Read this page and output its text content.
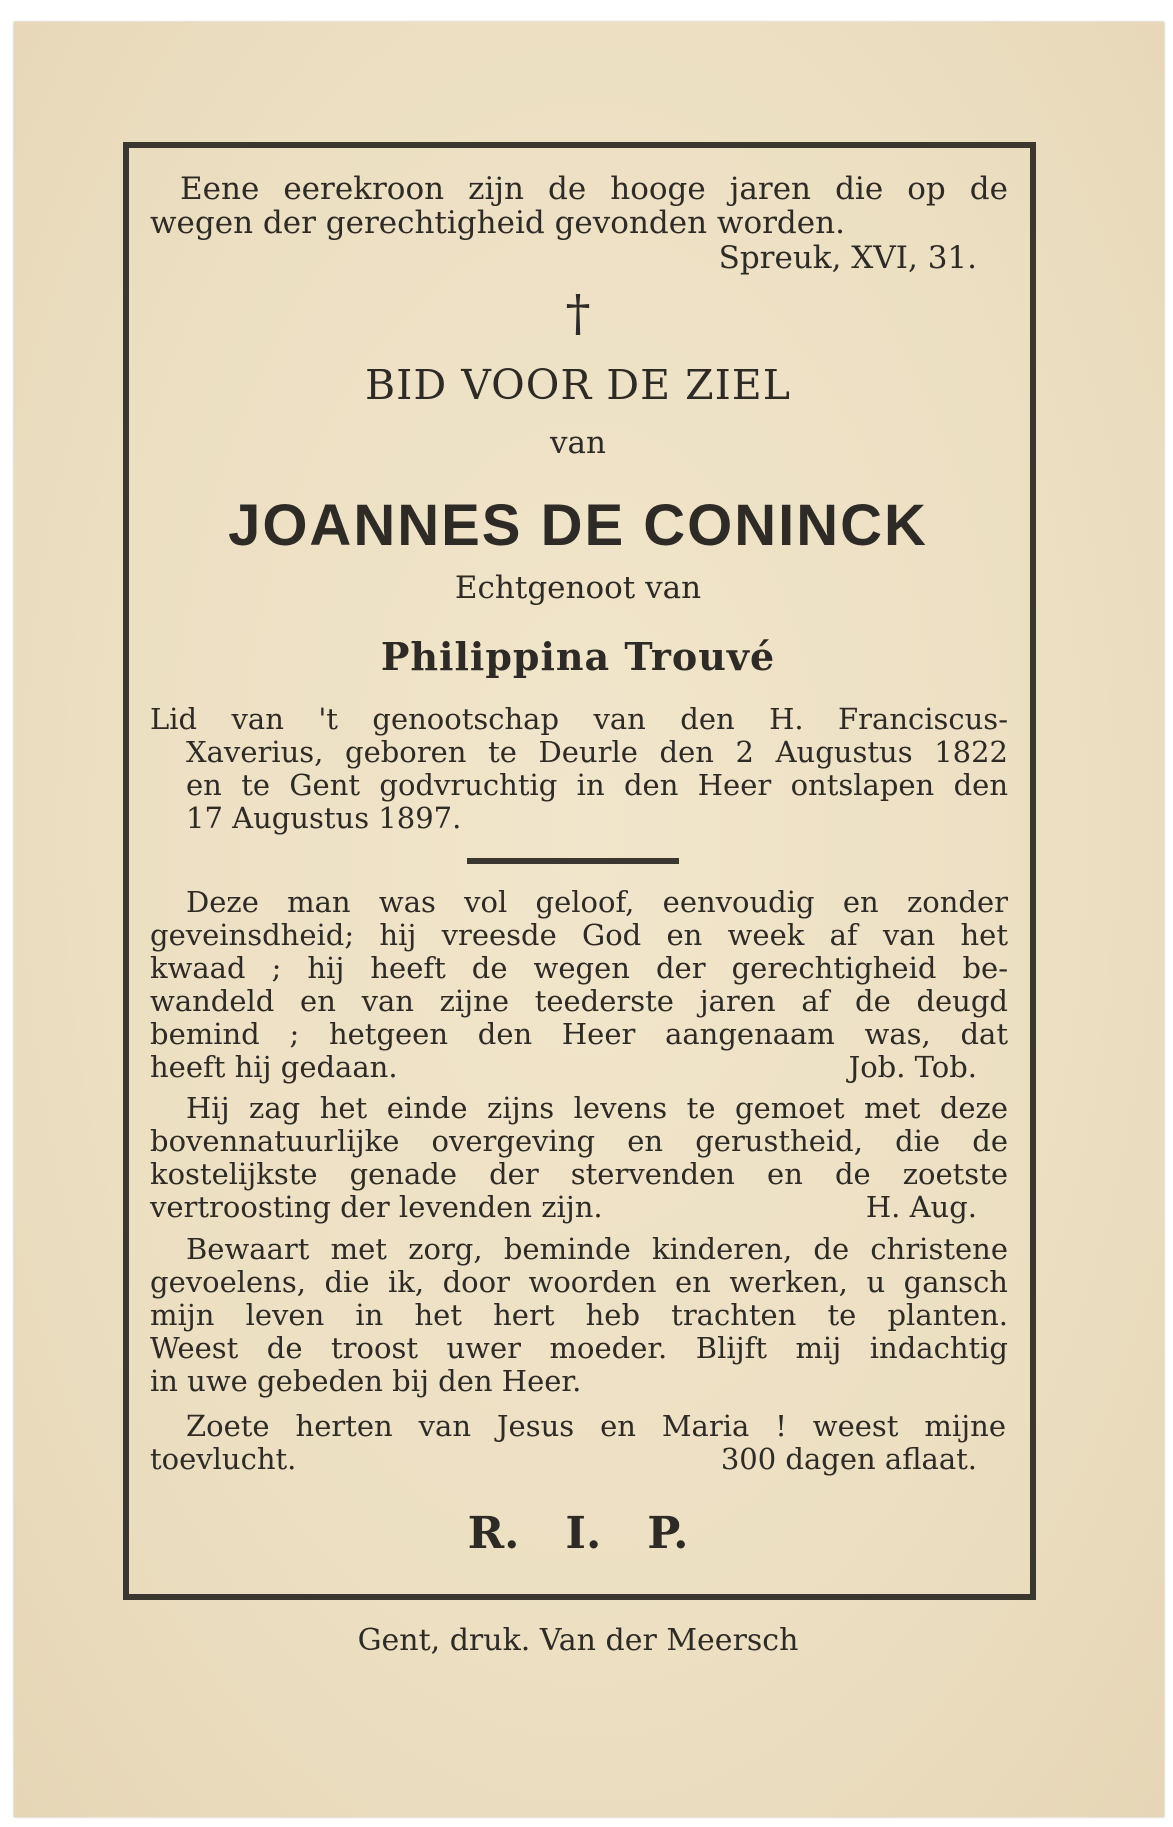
Eene eerekroon zijn de hooge jaren die op de

wegen der gerechtigheid gevonden worden.

Spreuk, XVI, 31.

†
BID VOOR DE ZIEL

van

JOANNES DE CONINCK

Echtgenoot van

Philippina Trouvé

Lid van 't genootschap van den H. Franciscus-

Xaverius, geboren te Deurle den 2 Augustus 1822

en te Gent godvruchtig in den Heer ontslapen den

17 Augustus 1897.

Deze man was vol geloof, eenvoudig en zonder

geveinsdheid; hij vreesde God en week af van het

kwaad ; hij heeft de wegen der gerechtigheid be-

wandeld en van zijne teederste jaren af de deugd

bemind ; hetgeen den Heer aangenaam was, dat

heeft hij gedaan.	Job. Tob.

Hij zag het einde zijns levens te gemoet met deze

bovennatuurlijke overgeving en gerustheid, die de

kostelijkste genade der stervenden en de zoetste

vertroosting der levenden zijn.	H. Aug.

Bewaart met zorg, beminde kinderen, de christene

gevoelens, die ik, door woorden en werken, u gansch

mijn leven in het hert heb trachten te planten.

Weest de troost uwer moeder. Blijft mij indachtig

in uwe gebeden bij den Heer.

Zoete herten van Jesus en Maria ! weest mijne

toevlucht.	300 dagen aflaat.

R.   I.   P.

Gent, druk. Van der Meersch
